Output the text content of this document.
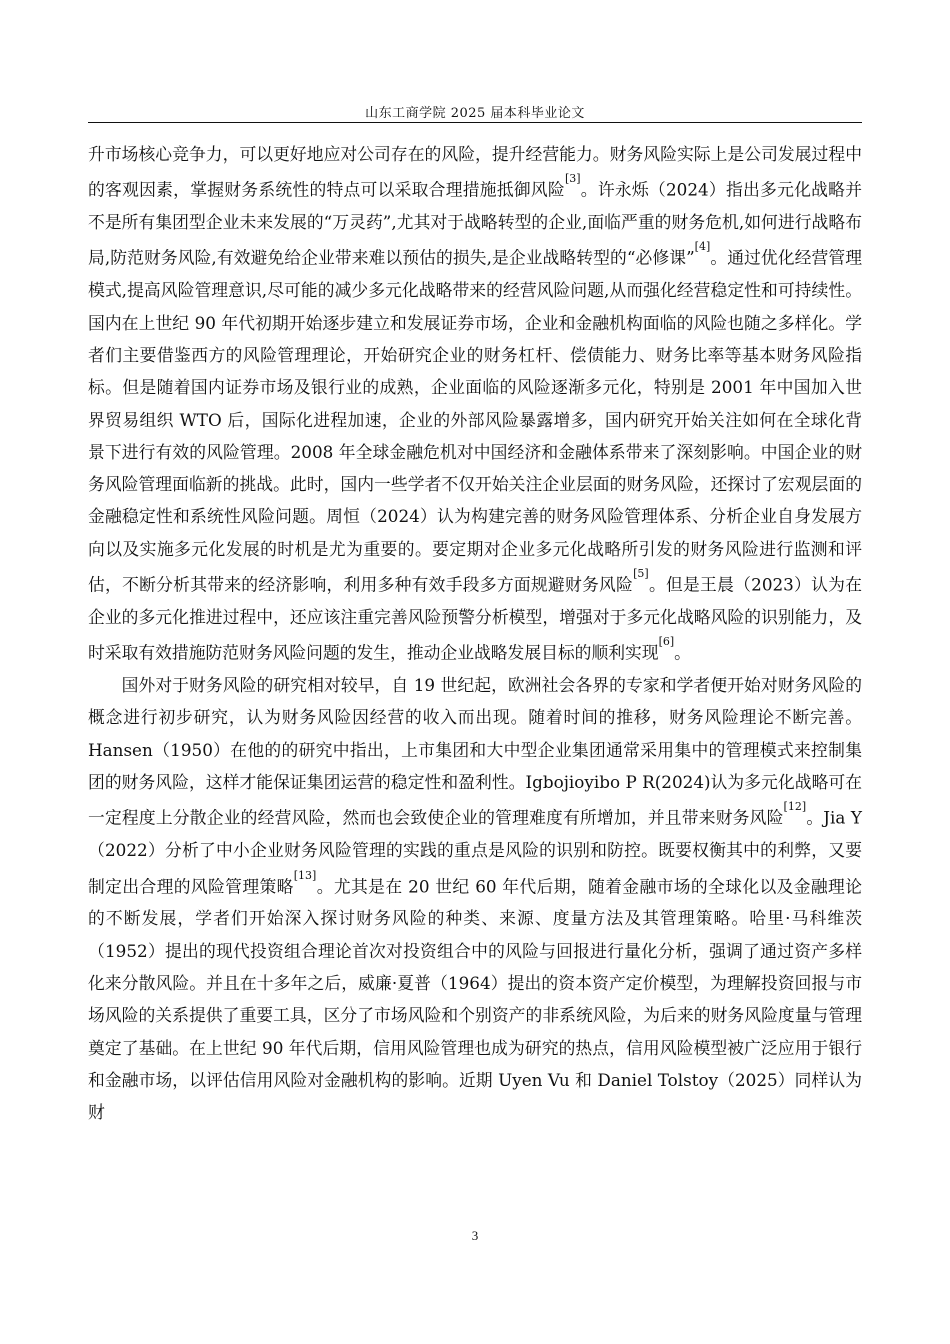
山东工商学院 2025 届本科毕业论文

升市场核心竞争力，可以更好地应对公司存在的风险，提升经营能力。财务风险实际上是公司发展过程中的客观因素，掌握财务系统性的特点可以采取合理措施抵御风险[3]。许永烁（2024）指出多元化战略并不是所有集团型企业未来发展的“万灵药”,尤其对于战略转型的企业,面临严重的财务危机,如何进行战略布局,防范财务风险,有效避免给企业带来难以预估的损失,是企业战略转型的“必修课”[4]。通过优化经营管理模式,提高风险管理意识,尽可能的减少多元化战略带来的经营风险问题,从而强化经营稳定性和可持续性。国内在上世纪 90 年代初期开始逐步建立和发展证券市场，企业和金融机构面临的风险也随之多样化。学者们主要借鉴西方的风险管理理论，开始研究企业的财务杠杆、偿债能力、财务比率等基本财务风险指标。但是随着国内证券市场及银行业的成熟，企业面临的风险逐渐多元化，特别是 2001 年中国加入世界贸易组织 WTO 后，国际化进程加速，企业的外部风险暴露增多，国内研究开始关注如何在全球化背景下进行有效的风险管理。2008 年全球金融危机对中国经济和金融体系带来了深刻影响。中国企业的财务风险管理面临新的挑战。此时，国内一些学者不仅开始关注企业层面的财务风险，还探讨了宏观层面的金融稳定性和系统性风险问题。周恒（2024）认为构建完善的财务风险管理体系、分析企业自身发展方向以及实施多元化发展的时机是尤为重要的。要定期对企业多元化战略所引发的财务风险进行监测和评估，不断分析其带来的经济影响，利用多种有效手段多方面规避财务风险[5]。但是王晨（2023）认为在企业的多元化推进过程中，还应该注重完善风险预警分析模型，增强对于多元化战略风险的识别能力，及时采取有效措施防范财务风险问题的发生，推动企业战略发展目标的顺利实现[6]。

国外对于财务风险的研究相对较早，自 19 世纪起，欧洲社会各界的专家和学者便开始对财务风险的概念进行初步研究，认为财务风险因经营的收入而出现。随着时间的推移，财务风险理论不断完善。Hansen（1950）在他的的研究中指出，上市集团和大中型企业集团通常采用集中的管理模式来控制集团的财务风险，这样才能保证集团运营的稳定性和盈利性。Igbojioyibo P R(2024)认为多元化战略可在一定程度上分散企业的经营风险，然而也会致使企业的管理难度有所增加，并且带来财务风险[12]。Jia Y（2022）分析了中小企业财务风险管理的实践的重点是风险的识别和防控。既要权衡其中的利弊，又要制定出合理的风险管理策略[13]。尤其是在 20 世纪 60 年代后期，随着金融市场的全球化以及金融理论的不断发展，学者们开始深入探讨财务风险的种类、来源、度量方法及其管理策略。哈里·马科维茨（1952）提出的现代投资组合理论首次对投资组合中的风险与回报进行量化分析，强调了通过资产多样化来分散风险。并且在十多年之后，威廉·夏普（1964）提出的资本资产定价模型，为理解投资回报与市场风险的关系提供了重要工具，区分了市场风险和个别资产的非系统风险，为后来的财务风险度量与管理奠定了基础。在上世纪 90 年代后期，信用风险管理也成为研究的热点，信用风险模型被广泛应用于银行和金融市场，以评估信用风险对金融机构的影响。近期 Uyen Vu 和 Daniel Tolstoy（2025）同样认为财

3
